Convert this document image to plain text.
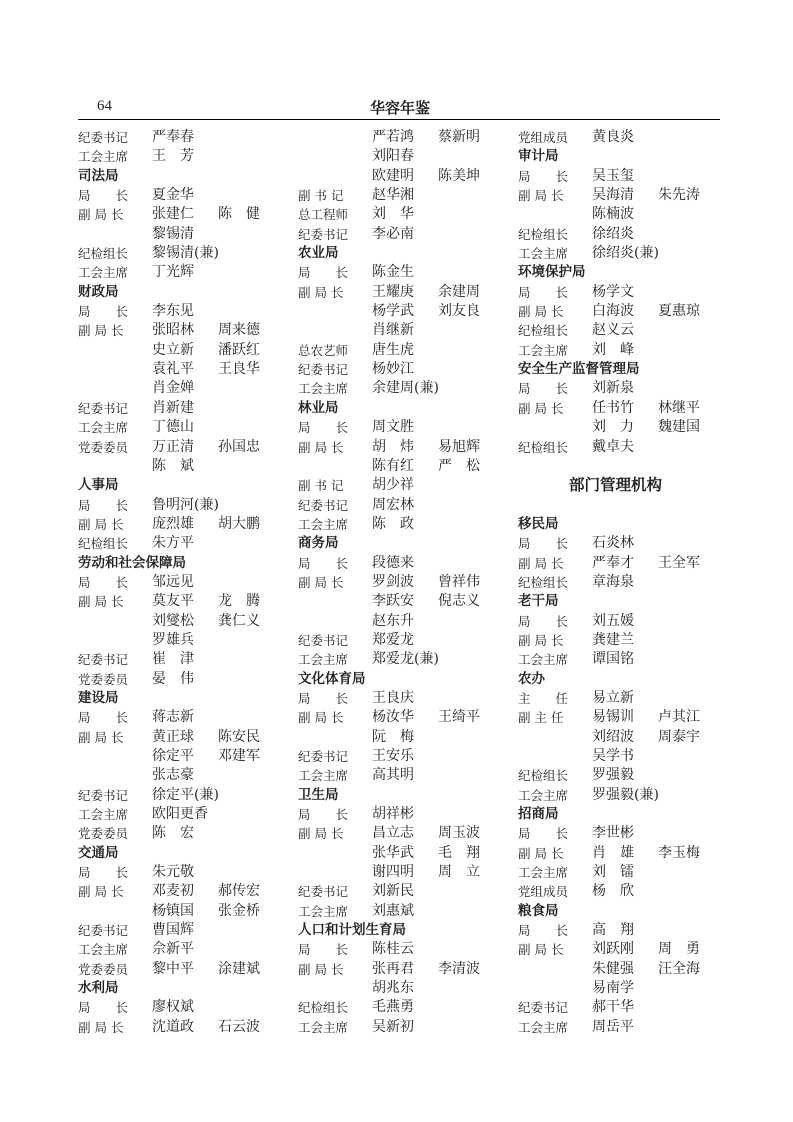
64	华容年鉴
纪委书记 严奉春
工会主席 王　芳
司法局
局　　长 夏金华
副 局 长 张建仁 陈　健
黎锡清
纪检组长 黎锡清(兼)
工会主席 丁光辉
财政局
局　　长 李东见
副 局 长 张昭林 周来德
史立新 潘跃红
袁礼平 王良华
肖金婵
纪委书记 肖新建
工会主席 丁德山
党委委员 万正清 孙国忠
陈　斌
人事局
局　　长 鲁明河(兼)
副 局 长 庞烈雄 胡大鹏
纪检组长 朱方平
劳动和社会保障局
局　　长 邹远见
副 局 长 莫友平 龙　腾
刘燮松 龚仁义
罗雄兵
纪委书记 崔　津
党委委员 晏　伟
建设局
局　　长 蒋志新
副 局 长 黄正球 陈安民
徐定平 邓建军
张志豪
纪委书记 徐定平(兼)
工会主席 欧阳更香
党委委员 陈　宏
交通局
局　　长 朱元敬
副 局 长 邓麦初 郝传宏
杨镇国 张金桥
纪委书记 曹国辉
工会主席 佘新平
党委委员 黎中平 涂建斌
水利局
局　　长 廖权斌
副 局 长 沈道政 石云波
严若鸿 蔡新明
刘阳春
欧建明 陈美坤
副 书 记 赵华湘
总工程师 刘　华
纪委书记 李必南
农业局
局　　长 陈金生
副 局 长 王耀庚 余建周
杨学武 刘友良
肖继新
总农艺师 唐生虎
纪委书记 杨妙江
工会主席 余建周(兼)
林业局
局　　长 周文胜
副 局 长 胡　炜 易旭辉
陈有红 严　松
副 书 记 胡少祥
纪委书记 周宏林
工会主席 陈　政
商务局
局　　长 段德来
副 局 长 罗剑波 曾祥伟
李跃安 倪志义
赵东升
纪委书记 郑爱龙
工会主席 郑爱龙(兼)
文化体育局
局　　长 王良庆
副 局 长 杨汝华 王绮平
阮　梅
纪委书记 王安乐
工会主席 高其明
卫生局
局　　长 胡祥彬
副 局 长 昌立志 周玉波
张华武 毛　翔
谢四明 周　立
纪委书记 刘新民
工会主席 刘惠斌
人口和计划生育局
局　　长 陈桂云
副 局 长 张再君 李清波
胡兆东
纪检组长 毛燕勇
工会主席 吴新初
党组成员 黄良炎
审计局
局　　长 吴玉玺
副 局 长 吴海清 朱先涛
陈楠波
纪检组长 徐绍炎
工会主席 徐绍炎(兼)
环境保护局
局　　长 杨学文
副 局 长 白海波 夏惠琼
纪检组长 赵义云
工会主席 刘　峰
安全生产监督管理局
局　　长 刘新泉
副 局 长 任书竹 林继平
刘　力 魏建国
纪检组长 戴卓夫
部门管理机构
移民局
局　　长 石炎林
副 局 长 严奉才 王全军
纪检组长 章海泉
老干局
局　　长 刘五媛
副 局 长 龚建兰
工会主席 谭国铭
农办
主　　任 易立新
副 主 任 易锡训 卢其江
刘绍波 周泰宇
吴学书
纪检组长 罗强毅
工会主席 罗强毅(兼)
招商局
局　　长 李世彬
副 局 长 肖　雄 李玉梅
工会主席 刘　镭
党组成员 杨　欣
粮食局
局　　长 高　翔
副 局 长 刘跃刚 周　勇
朱健强 汪全海
易南学
纪委书记 郝干华
工会主席 周岳平
